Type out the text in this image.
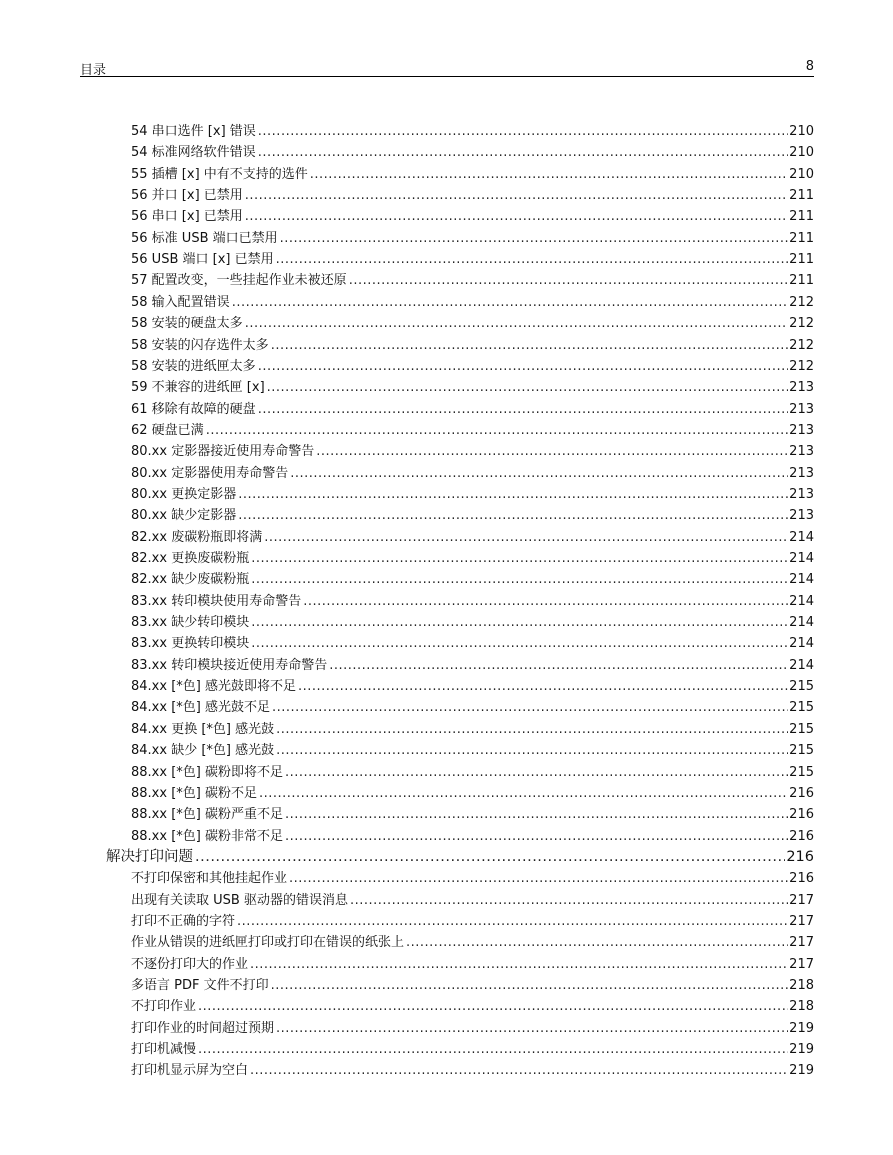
目录	8
54 串口选件 [x] 错误 .....	210
54 标准网络软件错误 .....	210
55 插槽 [x] 中有不支持的选件 .....	210
56 并口 [x] 已禁用 .....	211
56 串口 [x] 已禁用 .....	211
56 标准 USB 端口已禁用 .....	211
56 USB 端口 [x] 已禁用 .....	211
57 配置改变，一些挂起作业未被还原 .....	211
58 输入配置错误 .....	212
58 安装的硬盘太多 .....	212
58 安装的闪存选件太多 .....	212
58 安装的进纸匣太多 .....	212
59 不兼容的进纸匣 [x] .....	213
61 移除有故障的硬盘 .....	213
62 硬盘已满 .....	213
80.xx 定影器接近使用寿命警告 .....	213
80.xx 定影器使用寿命警告 .....	213
80.xx 更换定影器 .....	213
80.xx 缺少定影器 .....	213
82.xx 废碳粉瓶即将满 .....	214
82.xx 更换废碳粉瓶 .....	214
82.xx 缺少废碳粉瓶 .....	214
83.xx 转印模块使用寿命警告 .....	214
83.xx 缺少转印模块 .....	214
83.xx 更换转印模块 .....	214
83.xx 转印模块接近使用寿命警告 .....	214
84.xx [*色] 感光鼓即将不足 .....	215
84.xx [*色] 感光鼓不足 .....	215
84.xx 更换 [*色] 感光鼓 .....	215
84.xx 缺少 [*色] 感光鼓 .....	215
88.xx [*色] 碳粉即将不足 .....	215
88.xx [*色] 碳粉不足 .....	216
88.xx [*色] 碳粉严重不足 .....	216
88.xx [*色] 碳粉非常不足 .....	216
解决打印问题 .....	216
不打印保密和其他挂起作业 .....	216
出现有关读取 USB 驱动器的错误消息 .....	217
打印不正确的字符 .....	217
作业从错误的进纸匣打印或打印在错误的纸张上 .....	217
不逐份打印大的作业 .....	217
多语言 PDF 文件不打印 .....	218
不打印作业 .....	218
打印作业的时间超过预期 .....	219
打印机减慢 .....	219
打印机显示屏为空白 .....	219
